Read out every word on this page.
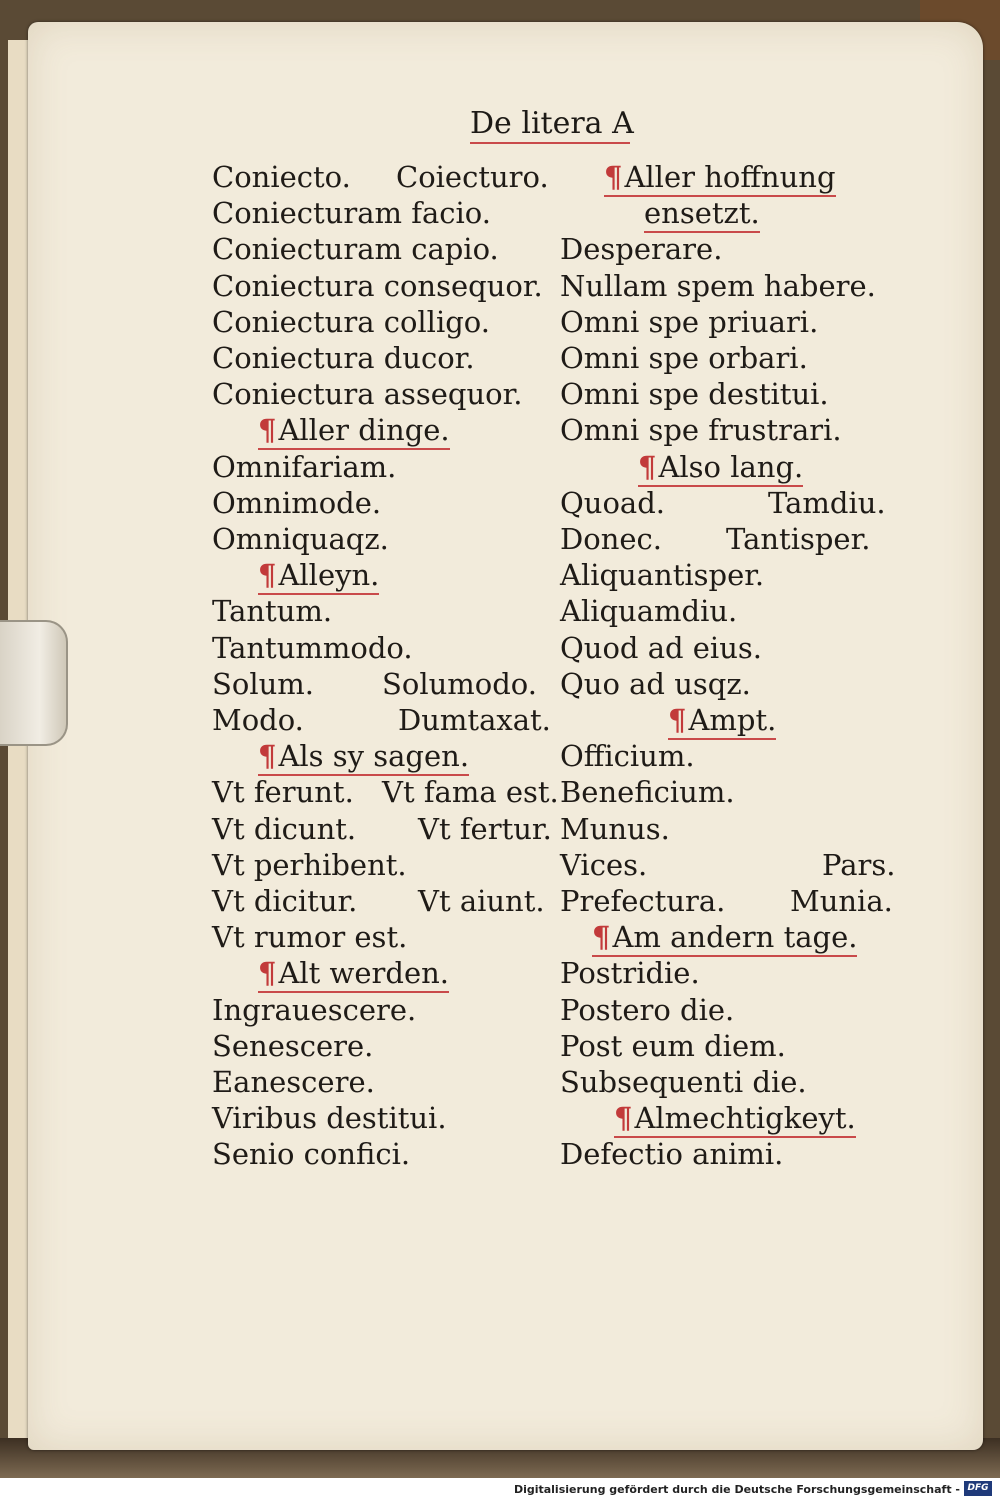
De litera A
Coniecto.
Coniecturam facio.
Coniecturam capio.
Coniectura consequor.
Coniectura colligo.
Coniectura ducor.
Coniectura assequor.
¶Aller dinge.
Omnifariam.
Omnimode.
Omniquaqz.
¶Alleyn.
Tantum.
Tantummodo.
Solum.
Modo.
¶Als sy sagen.
Vt ferunt.
Vt dicunt.
Vt perhibent.
Vt dicitur.
Vt rumor est.
¶Alt werden.
Ingrauescere.
Senescere.
Eanescere.
Viribus destitui.
Senio confici.
Coiecturo.
Solumodo.
Dumtaxat.
Vt fama est.
Vt fertur.
Vt aiunt.
¶Aller hoffnung
ensetzt.
Desperare.
Nullam spem habere.
Omni spe priuari.
Omni spe orbari.
Omni spe destitui.
Omni spe frustrari.
¶Also lang.
Quoad.
Donec.
Aliquantisper.
Aliquamdiu.
Quod ad eius.
Quo ad usqz.
¶Ampt.
Officium.
Beneficium.
Munus.
Vices.
Prefectura.
¶Am andern tage.
Postridie.
Postero die.
Post eum diem.
Subsequenti die.
¶Almechtigkeyt.
Defectio animi.
Tamdiu.
Tantisper.
Pars.
Munia.
Digitalisierung gefördert durch die Deutsche Forschungsgemeinschaft - DFG
